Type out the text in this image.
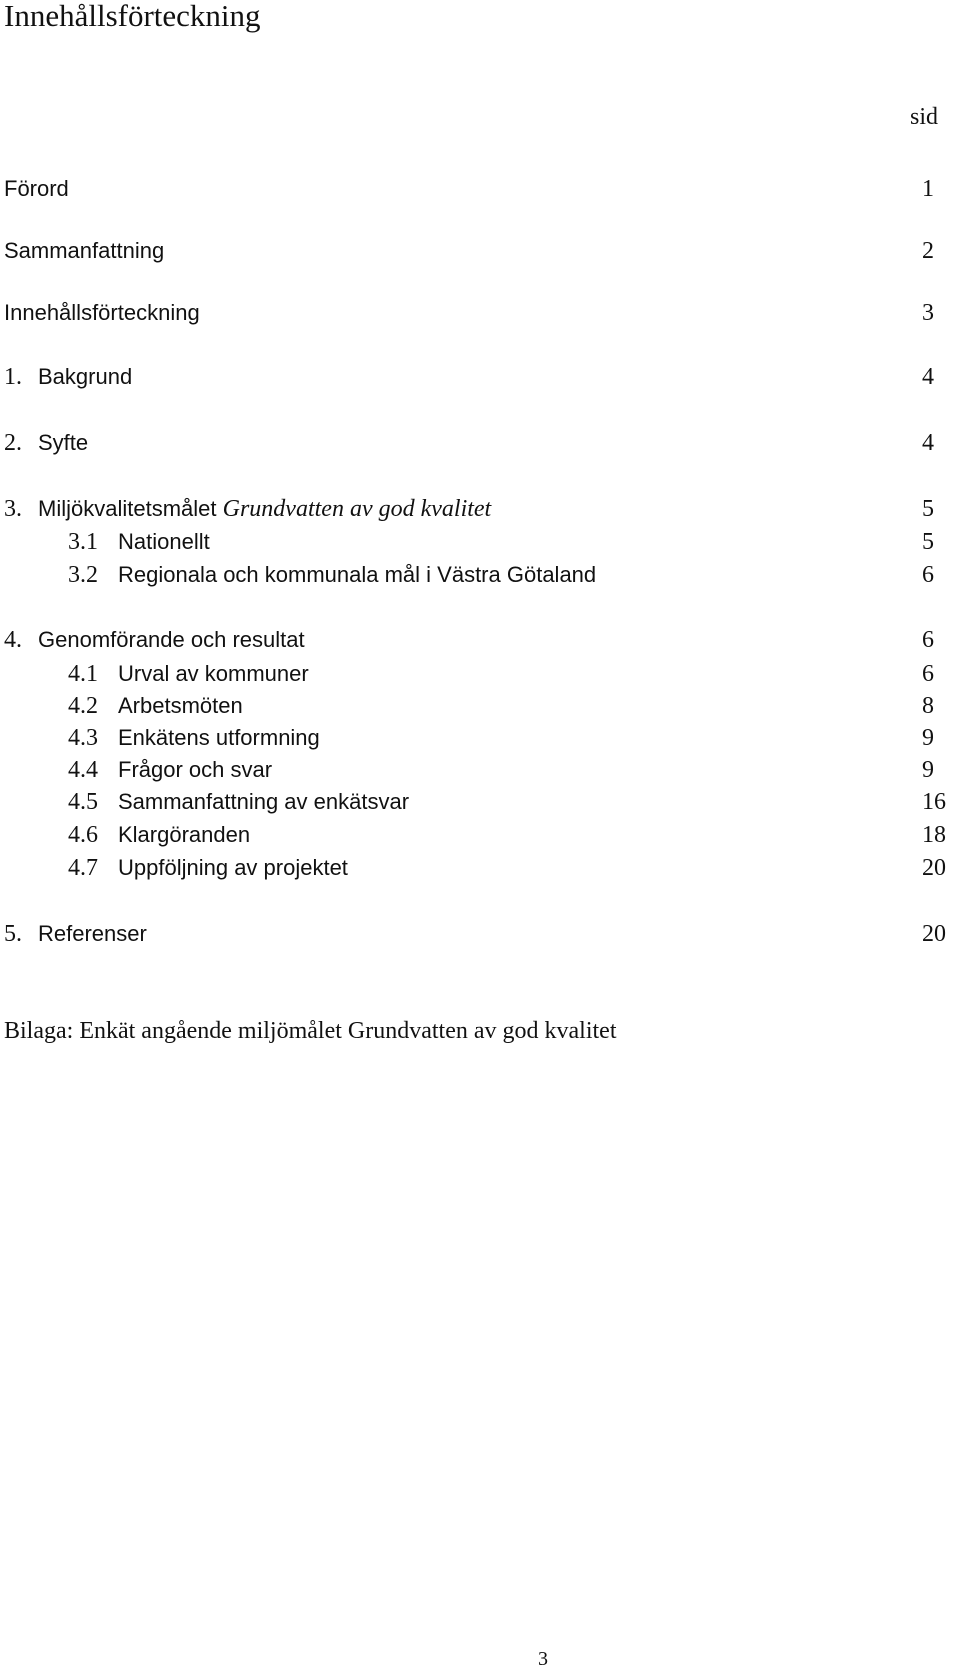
Innehållsförteckning
sid
Förord	1
Sammanfattning	2
Innehållsförteckning	3
1. Bakgrund	4
2. Syfte	4
3. Miljökvalitetsmålet Grundvatten av god kvalitet	5
3.1 Nationellt	5
3.2 Regionala och kommunala mål i Västra Götaland	6
4. Genomförande och resultat	6
4.1 Urval av kommuner	6
4.2 Arbetsmöten	8
4.3 Enkätens utformning	9
4.4 Frågor och svar	9
4.5 Sammanfattning av enkätsvar	16
4.6 Klargöranden	18
4.7 Uppföljning av projektet	20
5. Referenser	20
Bilaga: Enkät angående miljömålet Grundvatten av god kvalitet
3
